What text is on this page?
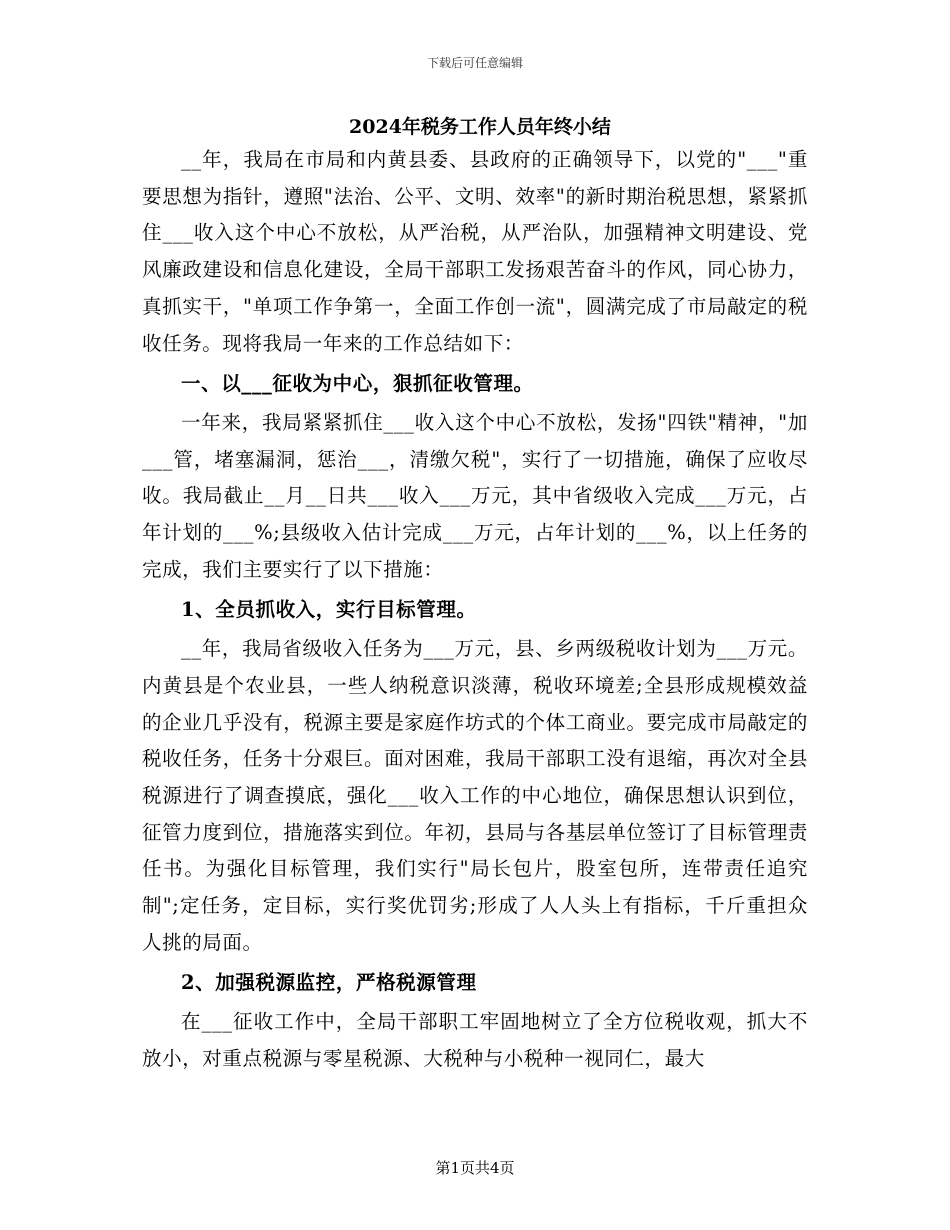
下载后可任意编辑
2024年税务工作人员年终小结

__年，我局在市局和内黄县委、县政府的正确领导下，以党的"___"重要思想为指针，遵照"法治、公平、文明、效率"的新时期治税思想，紧紧抓住___收入这个中心不放松，从严治税，从严治队，加强精神文明建设、党风廉政建设和信息化建设，全局干部职工发扬艰苦奋斗的作风，同心协力，真抓实干，"单项工作争第一，全面工作创一流"，圆满完成了市局敲定的税收任务。现将我局一年来的工作总结如下：

一、以___征收为中心，狠抓征收管理。

一年来，我局紧紧抓住___收入这个中心不放松，发扬"四铁"精神，"加___管，堵塞漏洞，惩治___，清缴欠税"，实行了一切措施，确保了应收尽收。我局截止__月__日共___收入___万元，其中省级收入完成___万元，占年计划的___%;县级收入估计完成___万元，占年计划的___%，以上任务的完成，我们主要实行了以下措施：

1、全员抓收入，实行目标管理。

__年，我局省级收入任务为___万元，县、乡两级税收计划为___万元。内黄县是个农业县，一些人纳税意识淡薄，税收环境差;全县形成规模效益的企业几乎没有，税源主要是家庭作坊式的个体工商业。要完成市局敲定的税收任务，任务十分艰巨。面对困难，我局干部职工没有退缩，再次对全县税源进行了调查摸底，强化___收入工作的中心地位，确保思想认识到位，征管力度到位，措施落实到位。年初，县局与各基层单位签订了目标管理责任书。为强化目标管理，我们实行"局长包片，股室包所，连带责任追究制";定任务，定目标，实行奖优罚劣;形成了人人头上有指标，千斤重担众人挑的局面。

2、加强税源监控，严格税源管理

在___征收工作中，全局干部职工牢固地树立了全方位税收观，抓大不放小，对重点税源与零星税源、大税种与小税种一视同仁，最大

第1页共4页
